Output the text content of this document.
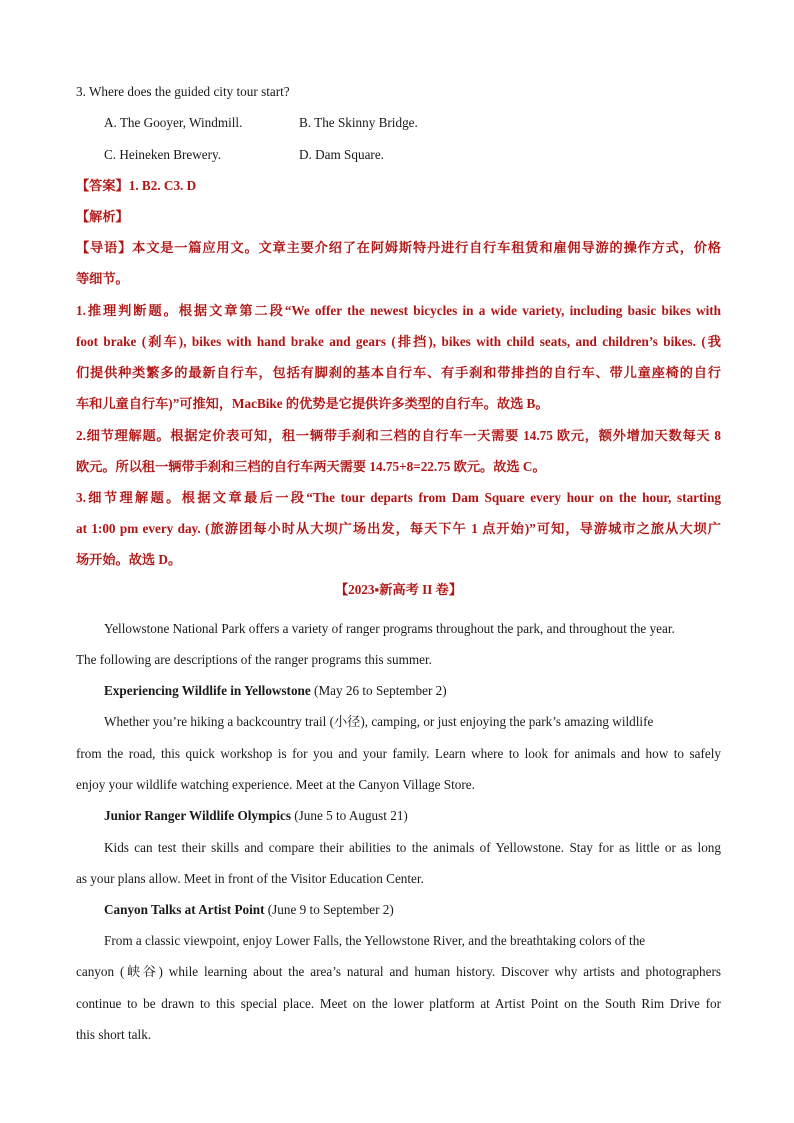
3. Where does the guided city tour start?
A. The Gooyer, Windmill.	B. The Skinny Bridge.
C. Heineken Brewery.	D. Dam Square.
【答案】1. B2. C3. D
【解析】
【导语】本文是一篇应用文。文章主要介绍了在阿姆斯特丹进行自行车租赁和雇佣导游的操作方式，价格
等细节。
1.推理判断题。根据文章第二段“We offer the newest bicycles in a wide variety, including basic bikes with
foot brake (刹车), bikes with hand brake and gears (排挡), bikes with child seats, and children’s bikes. (我
们提供种类繁多的最新自行车，包括有脚刹的基本自行车、有手刹和带排挡的自行车、带儿童座椅的自行
车和儿童自行车)”可推知，MacBike 的优势是它提供许多类型的自行车。故选 B。
2.细节理解题。根据定价表可知，租一辆带手刹和三档的自行车一天需要 14.75 欧元，额外增加天数每天 8
欧元。所以租一辆带手刹和三档的自行车两天需要 14.75+8=22.75 欧元。故选 C。
3.细节理解题。根据文章最后一段“The tour departs from Dam Square every hour on the hour, starting
at 1:00 pm every day. (旅游团每小时从大坝广场出发，每天下午 1 点开始)”可知，导游城市之旅从大坝广
场开始。故选 D。
【2023▪新高考 II 卷】
Yellowstone National Park offers a variety of ranger programs throughout the park, and throughout the year.
The following are descriptions of the ranger programs this summer.
Experiencing Wildlife in Yellowstone (May 26 to September 2)
Whether you’re hiking a backcountry trail (小径), camping, or just enjoying the park’s amazing wildlife
from the road, this quick workshop is for you and your family. Learn where to look for animals and how to safely
enjoy your wildlife watching experience. Meet at the Canyon Village Store.
Junior Ranger Wildlife Olympics (June 5 to August 21)
Kids can test their skills and compare their abilities to the animals of Yellowstone. Stay for as little or as long
as your plans allow. Meet in front of the Visitor Education Center.
Canyon Talks at Artist Point (June 9 to September 2)
From a classic viewpoint, enjoy Lower Falls, the Yellowstone River, and the breathtaking colors of the
canyon (峡谷) while learning about the area’s natural and human history. Discover why artists and photographers
continue to be drawn to this special place. Meet on the lower platform at Artist Point on the South Rim Drive for
this short talk.
